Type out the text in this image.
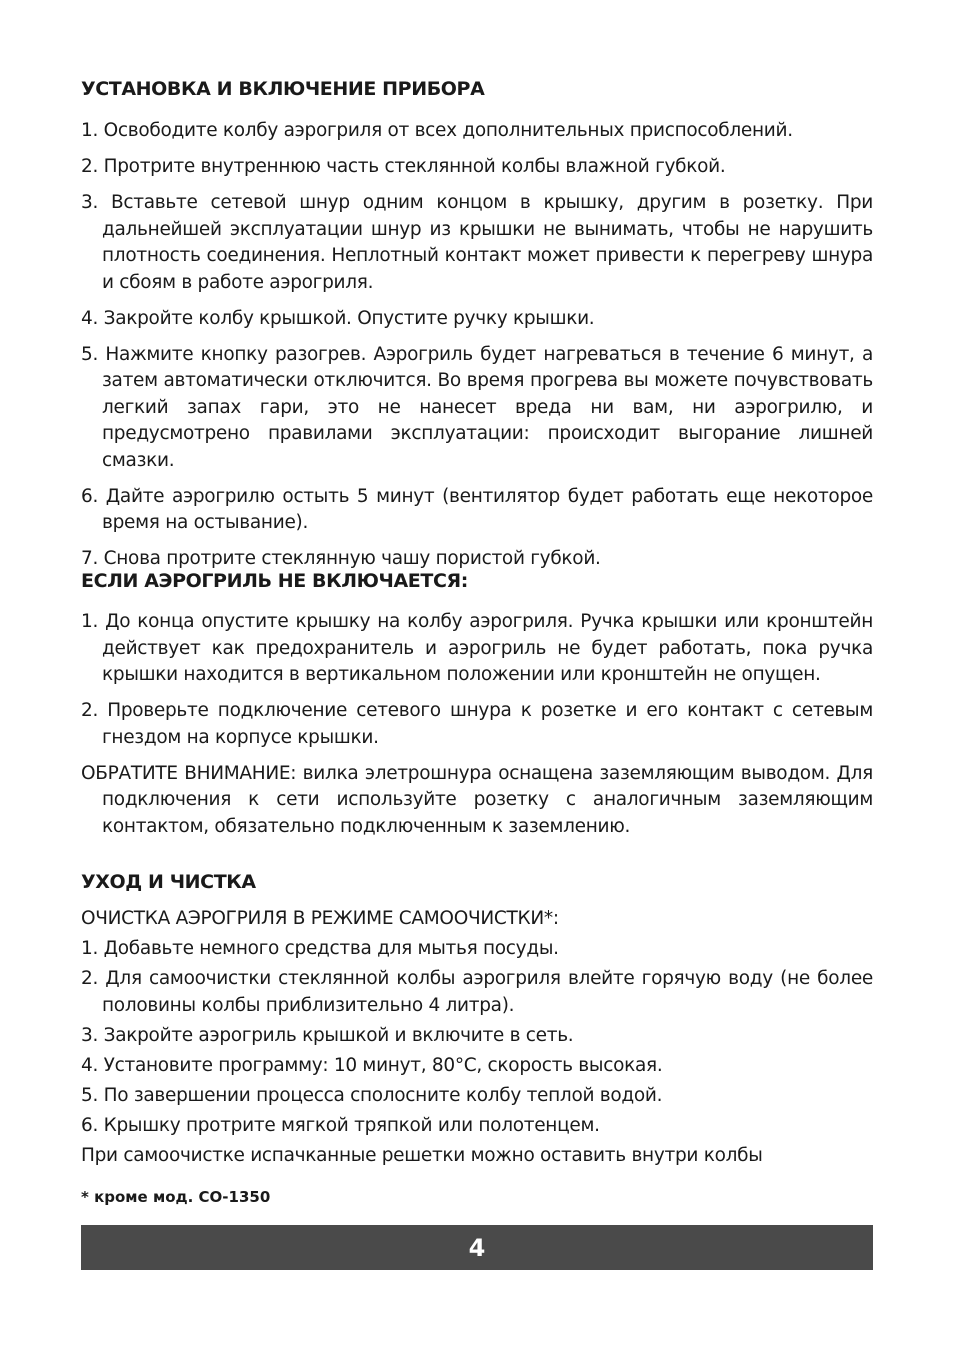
УСТАНОВКА И ВКЛЮЧЕНИЕ ПРИБОРА

1. Освободите колбу аэрогриля от всех дополнительных приспособлений.

2. Протрите внутреннюю часть стеклянной колбы влажной губкой.

3. Вставьте сетевой шнур одним концом в крышку, другим в розетку. При дальнейшей эксплуатации шнур из крышки не вынимать, чтобы не нарушить плотность соединения. Неплотный контакт может привести к перегреву шнура и сбоям в работе аэрогриля.

4. Закройте колбу крышкой. Опустите ручку крышки.

5. Нажмите кнопку разогрев. Аэрогриль будет нагреваться в течение 6 минут, а затем автоматически отключится. Во время прогрева вы можете почувствовать легкий запах гари, это не нанесет вреда ни вам, ни аэрогрилю, и предусмотрено правилами эксплуатации: происходит выгорание лишней смазки.

6. Дайте аэрогрилю остыть 5 минут (вентилятор будет работать еще некоторое время на остывание).

7. Снова протрите стеклянную чашу пористой губкой.

ЕСЛИ АЭРОГРИЛЬ НЕ ВКЛЮЧАЕТСЯ:

1. До конца опустите крышку на колбу аэрогриля. Ручка крышки или кронштейн действует как предохранитель и аэрогриль не будет работать, пока ручка крышки находится в вертикальном положении или кронштейн не опущен.

2. Проверьте подключение сетевого шнура к розетке и его контакт с сетевым гнездом на корпусе крышки.

ОБРАТИТЕ ВНИМАНИЕ: вилка элетрошнура оснащена заземляющим выводом. Для подключения к сети используйте розетку с аналогичным заземляющим контактом, обязательно подключенным к заземлению.

УХОД И ЧИСТКА

ОЧИСТКА АЭРОГРИЛЯ В РЕЖИМЕ САМООЧИСТКИ*:

1. Добавьте немного средства для мытья посуды.

2. Для самоочистки стеклянной колбы аэрогриля влейте горячую воду (не более половины колбы приблизительно 4 литра).

3. Закройте аэрогриль крышкой и включите в сеть.

4. Установите программу: 10 минут, 80°С, скорость высокая.

5. По завершении процесса сполосните колбу теплой водой.

6. Крышку протрите мягкой тряпкой или полотенцем.

При самоочистке испачканные решетки можно оставить внутри колбы

* кроме мод. СО-1350

4
